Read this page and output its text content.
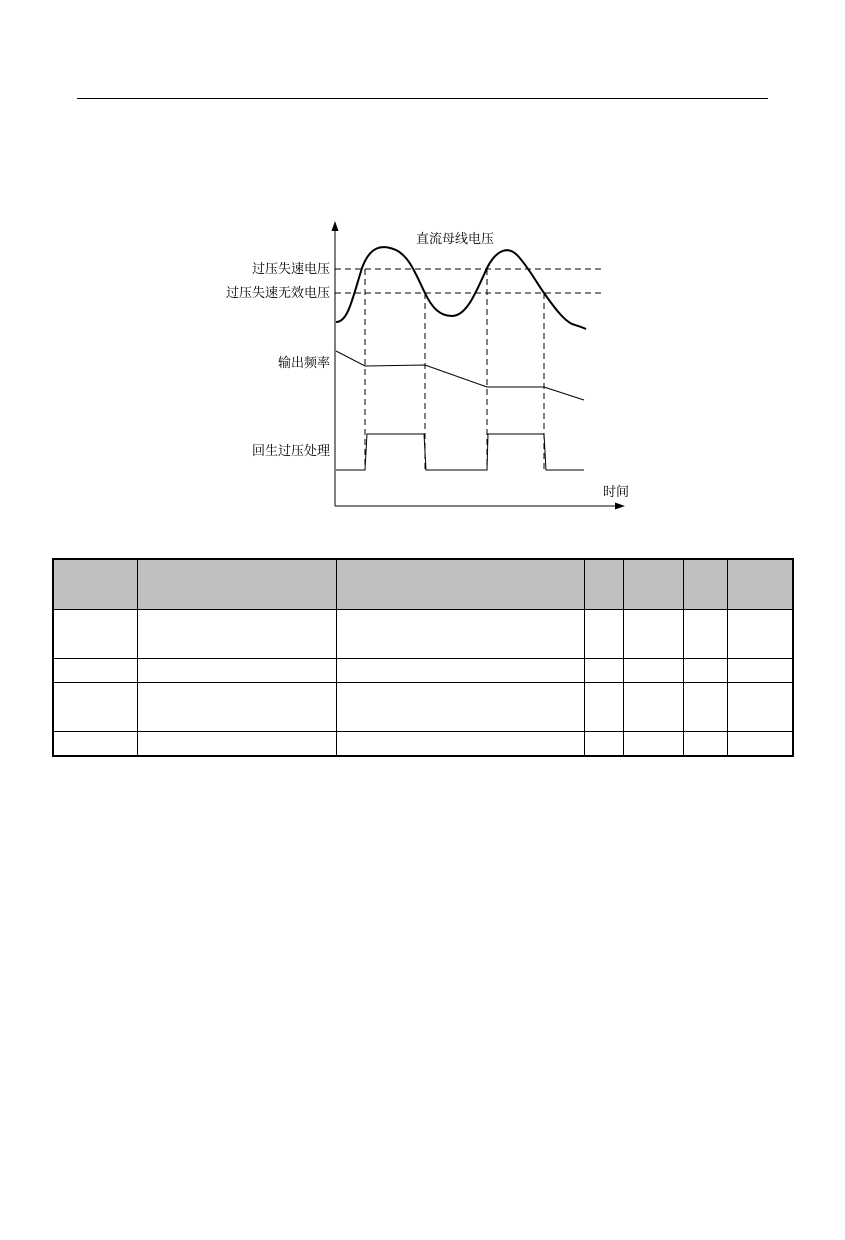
直流母线电压
过压失速电压
过压失速无效电压
输出频率
回生过压处理
时间
